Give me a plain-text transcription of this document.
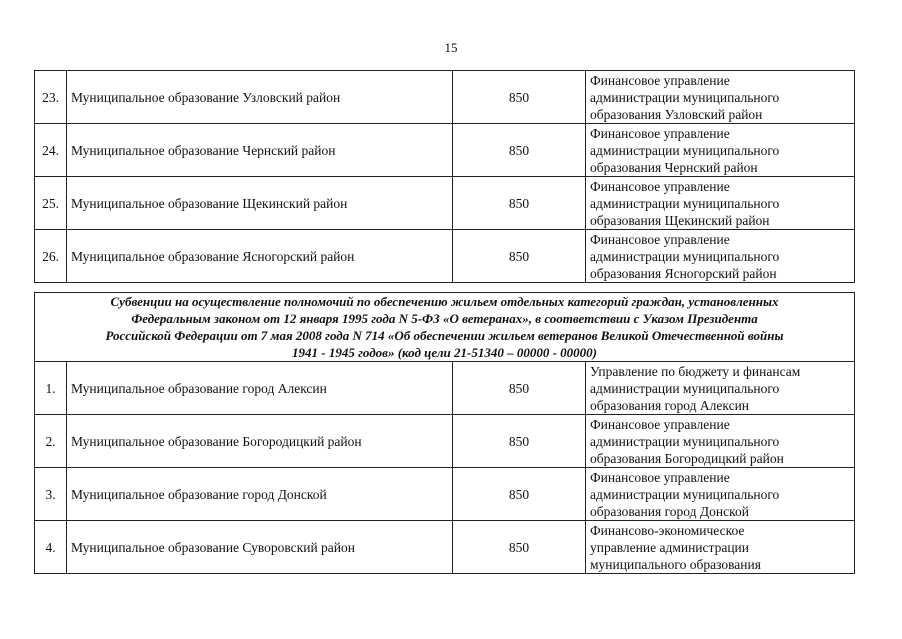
15
23.	Муниципальное образование Узловский район	850	Финансовое управление
администрации муниципального
образования Узловский район

24.	Муниципальное образование Чернский район	850	Финансовое управление
администрации муниципального
образования Чернский район

25.	Муниципальное образование Щекинский район	850	Финансовое управление
администрации муниципального
образования Щекинский район

26.	Муниципальное образование Ясногорский район	850	Финансовое управление
администрации муниципального
образования Ясногорский район
Субвенции на осуществление полномочий по обеспечению жильем отдельных категорий граждан, установленных
Федеральным законом от 12 января 1995 года N 5-ФЗ «О ветеранах», в соответствии с Указом Президента
Российской Федерации от 7 мая 2008 года N 714 «Об обеспечении жильем ветеранов Великой Отечественной войны
1941 - 1945 годов» (код цели 21-51340 – 00000 - 00000)			

1.	Муниципальное образование город Алексин	850	Управление по бюджету и финансам
администрации муниципального
образования город Алексин

2.	Муниципальное образование Богородицкий район	850	Финансовое управление
администрации муниципального
образования Богородицкий район

3.	Муниципальное образование город Донской	850	Финансовое управление
администрации муниципального
образования город Донской

4.	Муниципальное образование Суворовский район	850	Финансово-экономическое
управление администрации
муниципального образования
